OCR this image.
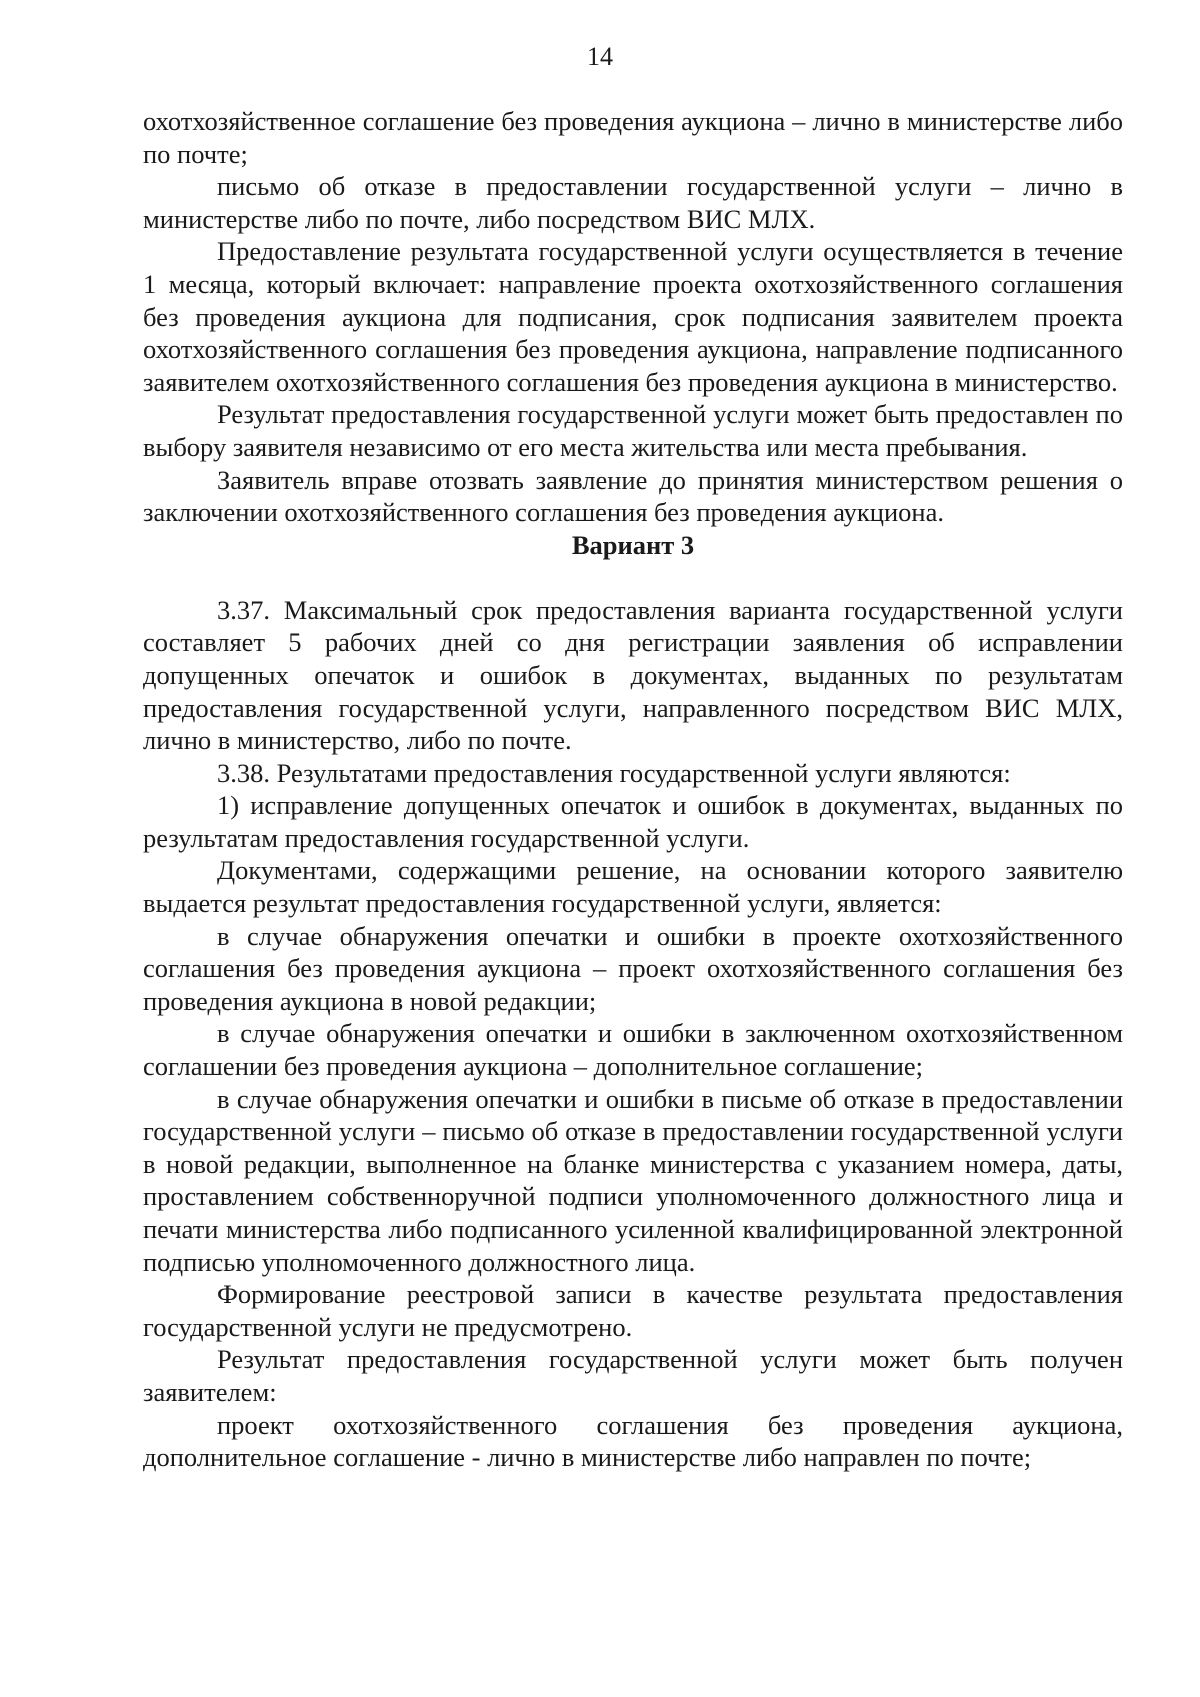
14

охотхозяйственное соглашение без проведения аукциона – лично в министерстве либо по почте;

письмо об отказе в предоставлении государственной услуги – лично в министерстве либо по почте, либо посредством ВИС МЛХ.

Предоставление результата государственной услуги осуществляется в течение 1 месяца, который включает: направление проекта охотхозяйственного соглашения без проведения аукциона для подписания, срок подписания заявителем проекта охотхозяйственного соглашения без проведения аукциона, направление подписанного заявителем охотхозяйственного соглашения без проведения аукциона в министерство.

Результат предоставления государственной услуги может быть предоставлен по выбору заявителя независимо от его места жительства или места пребывания.

Заявитель вправе отозвать заявление до принятия министерством решения о заключении охотхозяйственного соглашения без проведения аукциона.

Вариант 3

3.37. Максимальный срок предоставления варианта государственной услуги составляет 5 рабочих дней со дня регистрации заявления об исправлении допущенных опечаток и ошибок в документах, выданных по результатам предоставления государственной услуги, направленного посредством ВИС МЛХ, лично в министерство, либо по почте.

3.38. Результатами предоставления государственной услуги являются:

1) исправление допущенных опечаток и ошибок в документах, выданных по результатам предоставления государственной услуги.

Документами, содержащими решение, на основании которого заявителю выдается результат предоставления государственной услуги, является:

в случае обнаружения опечатки и ошибки в проекте охотхозяйственного соглашения без проведения аукциона – проект охотхозяйственного соглашения без проведения аукциона в новой редакции;

в случае обнаружения опечатки и ошибки в заключенном охотхозяйственном соглашении без проведения аукциона – дополнительное соглашение;

в случае обнаружения опечатки и ошибки в письме об отказе в предоставлении государственной услуги – письмо об отказе в предоставлении государственной услуги в новой редакции, выполненное на бланке министерства с указанием номера, даты, проставлением собственноручной подписи уполномоченного должностного лица и печати министерства либо подписанного усиленной квалифицированной электронной подписью уполномоченного должностного лица.

Формирование реестровой записи в качестве результата предоставления государственной услуги не предусмотрено.

Результат предоставления государственной услуги может быть получен заявителем:

проект охотхозяйственного соглашения без проведения аукциона, дополнительное соглашение - лично в министерстве либо направлен по почте;
